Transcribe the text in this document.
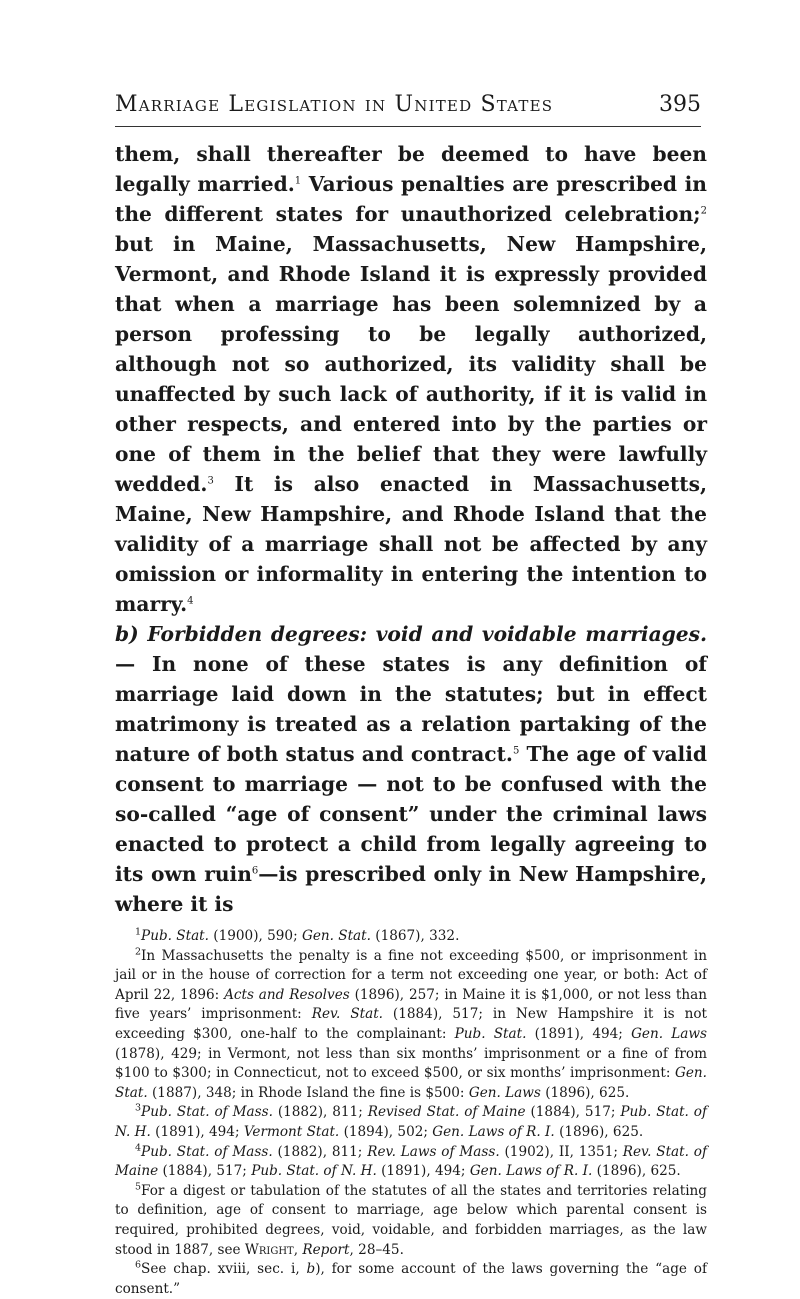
Marriage Legislation in United States	395

them, shall thereafter be deemed to have been legally married.$^1$ Various penalties are prescribed in the different states for unauthorized celebration;$^2$ but in Maine, Massachusetts, New Hampshire, Vermont, and Rhode Island it is expressly provided that when a marriage has been solemnized by a person professing to be legally authorized, although not so authorized, its validity shall be unaffected by such lack of authority, if it is valid in other respects, and entered into by the parties or one of them in the belief that they were lawfully wedded.$^3$ It is also enacted in Massachusetts, Maine, New Hampshire, and Rhode Island that the validity of a marriage shall not be affected by any omission or informality in entering the intention to marry.$^4$

b) Forbidden degrees: void and voidable marriages.— In none of these states is any definition of marriage laid down in the statutes; but in effect matrimony is treated as a relation partaking of the nature of both status and contract.$^5$ The age of valid consent to marriage — not to be confused with the so-called “age of consent” under the criminal laws enacted to protect a child from legally agreeing to its own ruin$^6$—is prescribed only in New Hampshire, where it is

$^1$Pub. Stat. (1900), 590; Gen. Stat. (1867), 332.

$^2$In Massachusetts the penalty is a fine not exceeding $500, or imprisonment in jail or in the house of correction for a term not exceeding one year, or both: Act of April 22, 1896: Acts and Resolves (1896), 257; in Maine it is $1,000, or not less than five years’ imprisonment: Rev. Stat. (1884), 517; in New Hampshire it is not exceeding $300, one-half to the complainant: Pub. Stat. (1891), 494; Gen. Laws (1878), 429; in Vermont, not less than six months’ imprisonment or a fine of from $100 to $300; in Connecticut, not to exceed $500, or six months’ imprisonment: Gen. Stat. (1887), 348; in Rhode Island the fine is $500: Gen. Laws (1896), 625.

$^3$Pub. Stat. of Mass. (1882), 811; Revised Stat. of Maine (1884), 517; Pub. Stat. of N. H. (1891), 494; Vermont Stat. (1894), 502; Gen. Laws of R. I. (1896), 625.

$^4$Pub. Stat. of Mass. (1882), 811; Rev. Laws of Mass. (1902), II, 1351; Rev. Stat. of Maine (1884), 517; Pub. Stat. of N. H. (1891), 494; Gen. Laws of R. I. (1896), 625.

$^5$For a digest or tabulation of the statutes of all the states and territories relating to definition, age of consent to marriage, age below which parental consent is required, prohibited degrees, void, voidable, and forbidden marriages, as the law stood in 1887, see Wright, Report, 28–45.

$^6$See chap. xviii, sec. i, b), for some account of the laws governing the “age of consent.”
